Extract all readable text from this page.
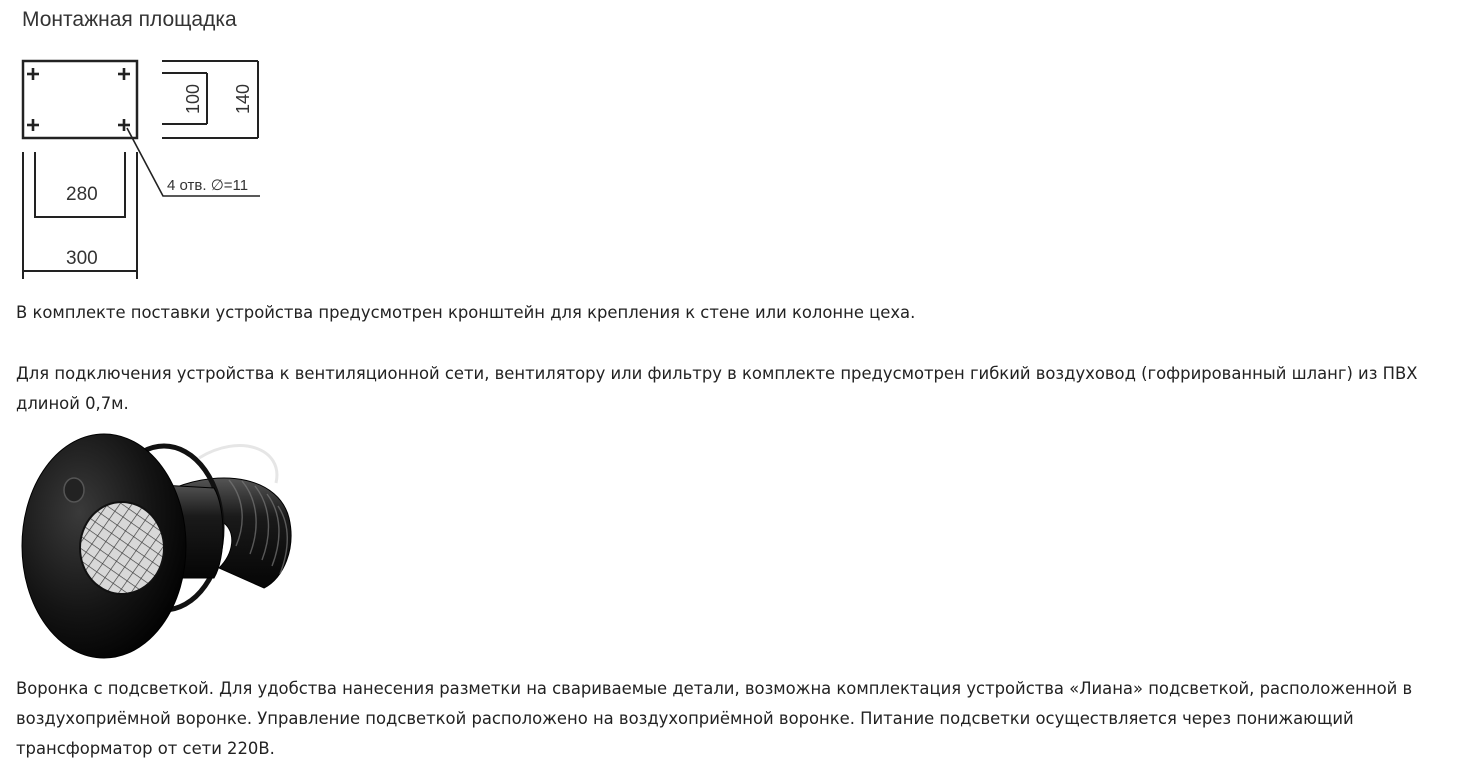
Монтажная площадка
4 отв. ∅=11
100 140
280
300

В комплекте поставки устройства предусмотрен кронштейн для крепления к стене или колонне цеха.

Для подключения устройства к вентиляционной сети, вентилятору или фильтру в комплекте предусмотрен гибкий воздуховод (гофрированный шланг) из ПВХ длиной 0,7м.

Воронка с подсветкой. Для удобства нанесения разметки на свариваемые детали, возможна комплектация устройства «Лиана» подсветкой, расположенной в воздухоприёмной воронке. Управление подсветкой расположено на воздухоприёмной воронке. Питание подсветки осуществляется через понижающий трансформатор от сети 220В.
